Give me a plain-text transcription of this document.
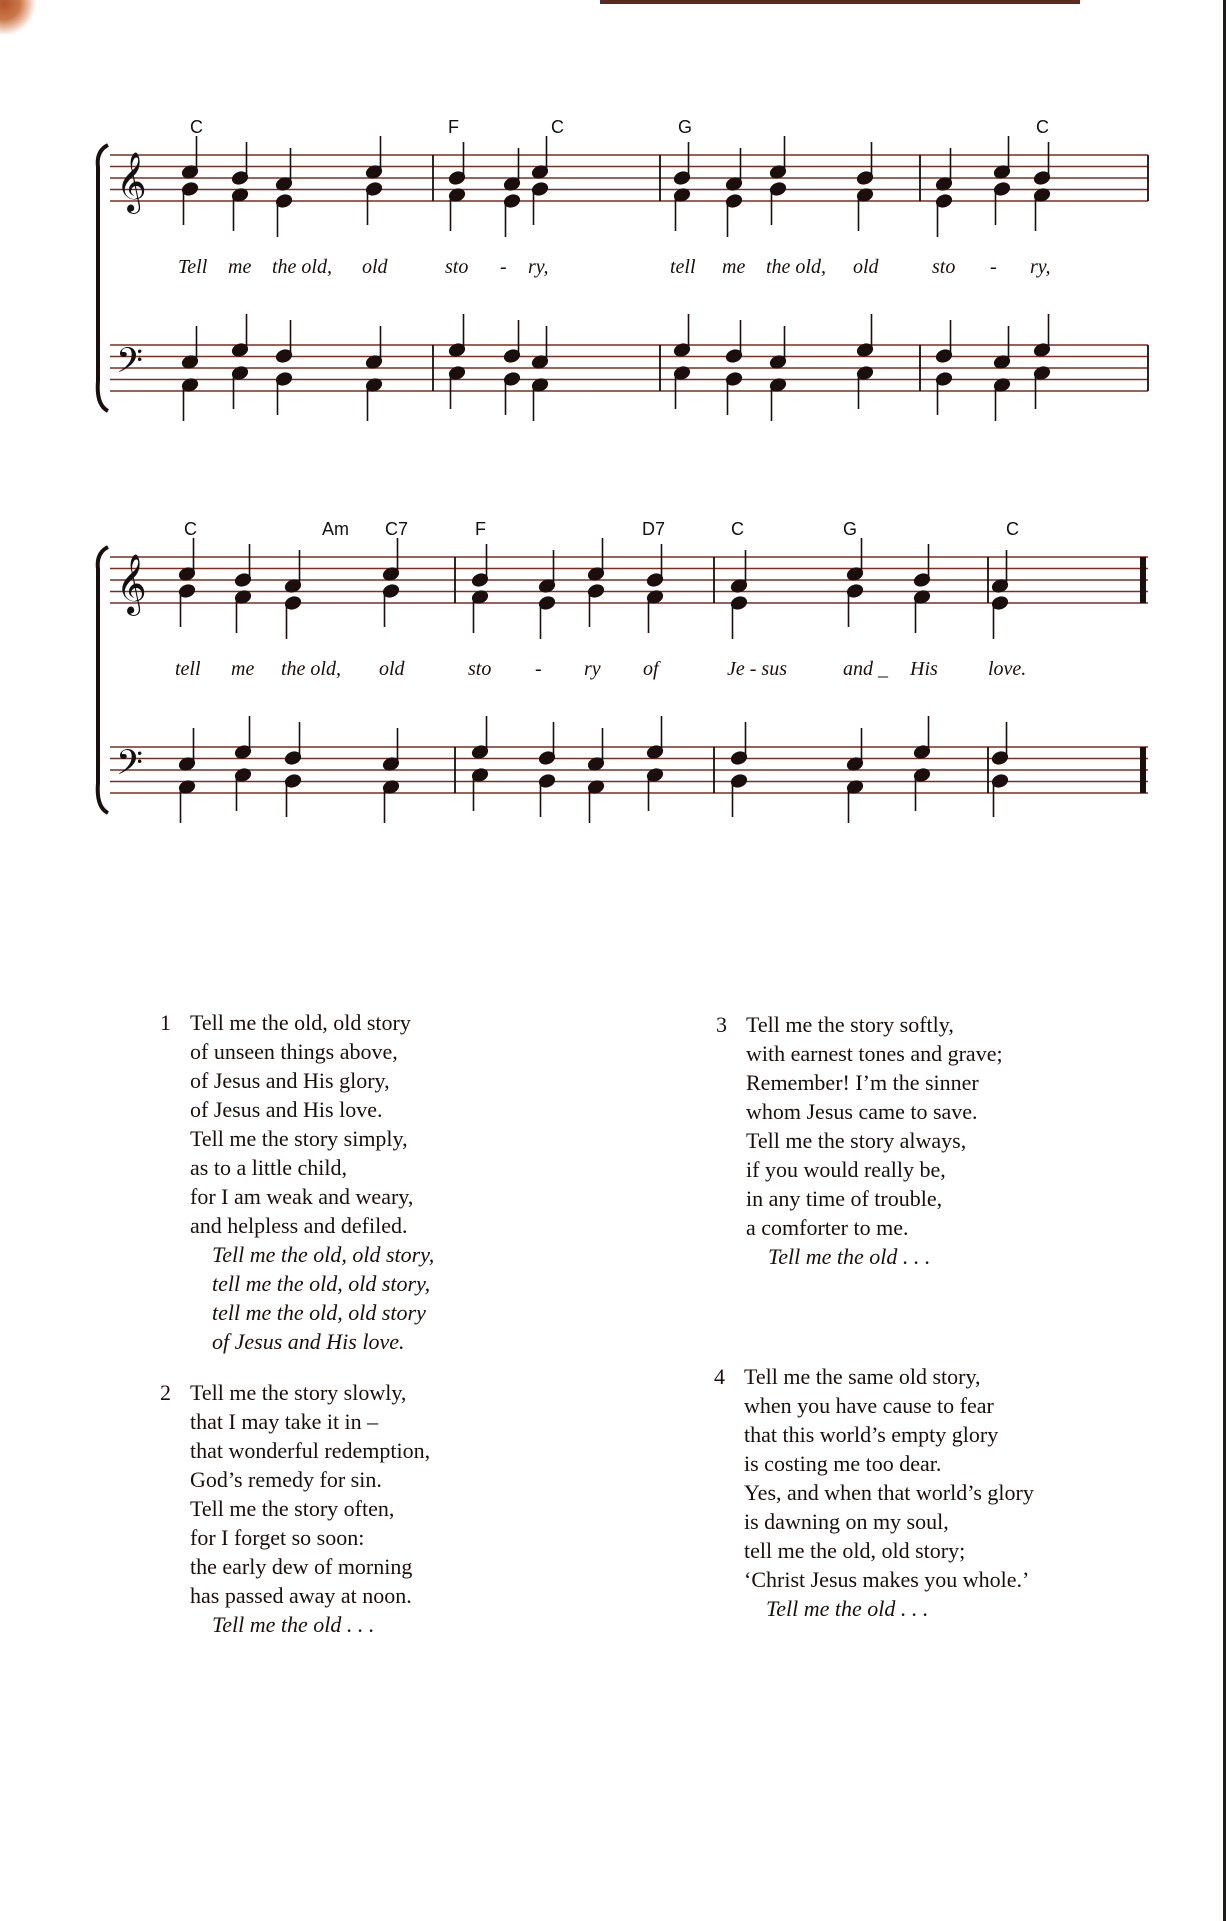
𝄞
𝄢
C	F	C	G	C
Tell me the old, old	sto - ry,	tell me the old, old	sto - ry,
𝄞
𝄢
C	Am C7	F	D7	C	G	C
tell me the old, old	sto - ry of	Je - sus	and _ His	love.
1 Tell me the old, old story
of unseen things above,
of Jesus and His glory,
of Jesus and His love.
Tell me the story simply,
as to a little child,
for I am weak and weary,
and helpless and defiled.
Tell me the old, old story,
tell me the old, old story,
tell me the old, old story
of Jesus and His love.
2 Tell me the story slowly,
that I may take it in –
that wonderful redemption,
God’s remedy for sin.
Tell me the story often,
for I forget so soon:
the early dew of morning
has passed away at noon.
Tell me the old . . .
3 Tell me the story softly,
with earnest tones and grave;
Remember! I’m the sinner
whom Jesus came to save.
Tell me the story always,
if you would really be,
in any time of trouble,
a comforter to me.
Tell me the old . . .
4 Tell me the same old story,
when you have cause to fear
that this world’s empty glory
is costing me too dear.
Yes, and when that world’s glory
is dawning on my soul,
tell me the old, old story;
‘Christ Jesus makes you whole.’
Tell me the old . . .
